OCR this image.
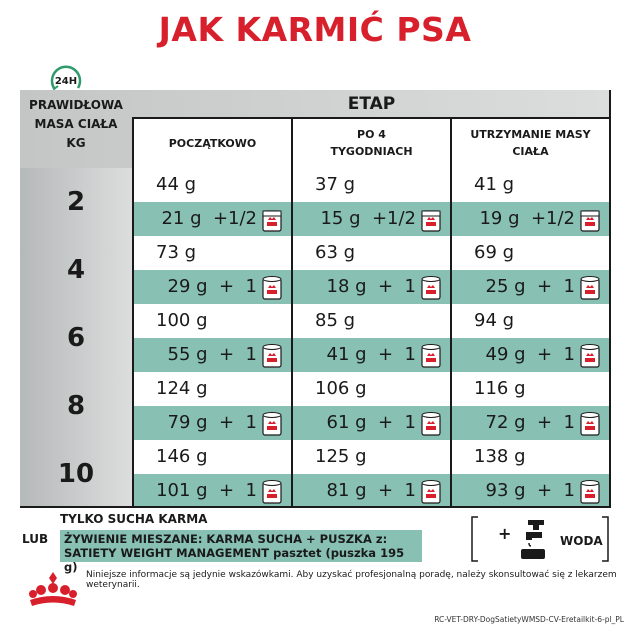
JAK KARMIĆ PSA
24H
PRAWIDŁOWA
MASA CIAŁA
KG
ETAP
POCZĄTKOWO
PO 4
TYGODNIACH
UTRZYMANIE MASY
CIAŁA
2
44 g
21 g  +1/2
37 g
15 g  +1/2
41 g
19 g  +1/2
4
73 g
29 g  +  1
63 g
18 g  +  1
69 g
25 g  +  1
6
100 g
55 g  +  1
85 g
41 g  +  1
94 g
49 g  +  1
8
124 g
79 g  +  1
106 g
61 g  +  1
116 g
72 g  +  1
10
146 g
101 g  +  1
125 g
81 g  +  1
138 g
93 g  +  1
TYLKO SUCHA KARMA
LUB ŻYWIENIE MIESZANE: KARMA SUCHA + PUSZKA z:
SATIETY WEIGHT MANAGEMENT pasztet (puszka 195 g)
+	WODA
Niniejsze informacje są jedynie wskazówkami. Aby uzyskać profesjonalną poradę, należy skonsultować się z lekarzem weterynarii.
RC-VET-DRY-DogSatietyWMSD-CV-Eretailkit-6-pl_PL
